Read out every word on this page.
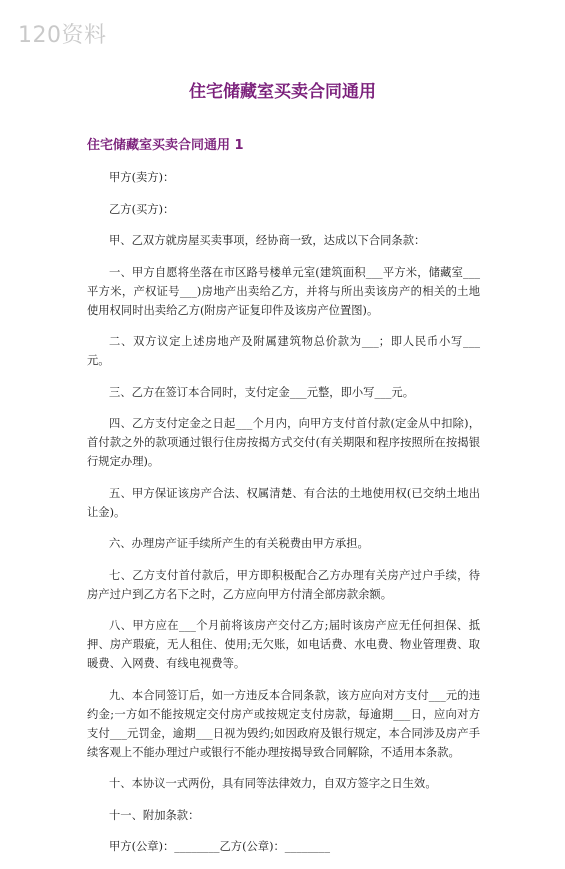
120资料
住宅储藏室买卖合同通用
住宅储藏室买卖合同通用 1

甲方(卖方)：

乙方(买方)：

甲、乙双方就房屋买卖事项，经协商一致，达成以下合同条款：

一、甲方自愿将坐落在市区路号楼单元室(建筑面积___平方米，储藏室___平方米，产权证号___)房地产出卖给乙方，并将与所出卖该房产的相关的土地使用权同时出卖给乙方(附房产证复印件及该房产位置图)。

二、双方议定上述房地产及附属建筑物总价款为___；即人民币小写___元。

三、乙方在签订本合同时，支付定金___元整，即小写___元。

四、乙方支付定金之日起___个月内，向甲方支付首付款(定金从中扣除)，首付款之外的款项通过银行住房按揭方式交付(有关期限和程序按照所在按揭银行规定办理)。

五、甲方保证该房产合法、权属清楚、有合法的土地使用权(已交纳土地出让金)。

六、办理房产证手续所产生的有关税费由甲方承担。

七、乙方支付首付款后，甲方即积极配合乙方办理有关房产过户手续，待房产过户到乙方名下之时，乙方应向甲方付清全部房款余额。

八、甲方应在___个月前将该房产交付乙方;届时该房产应无任何担保、抵押、房产瑕疵，无人租住、使用;无欠账，如电话费、水电费、物业管理费、取暖费、入网费、有线电视费等。

九、本合同签订后，如一方违反本合同条款，该方应向对方支付___元的违约金;一方如不能按规定交付房产或按规定支付房款，每逾期___日，应向对方支付___元罚金，逾期___日视为毁约;如因政府及银行规定，本合同涉及房产手续客观上不能办理过户或银行不能办理按揭导致合同解除，不适用本条款。

十、本协议一式两份，具有同等法律效力，自双方签字之日生效。

十一、附加条款：

甲方(公章)：________乙方(公章)：________
